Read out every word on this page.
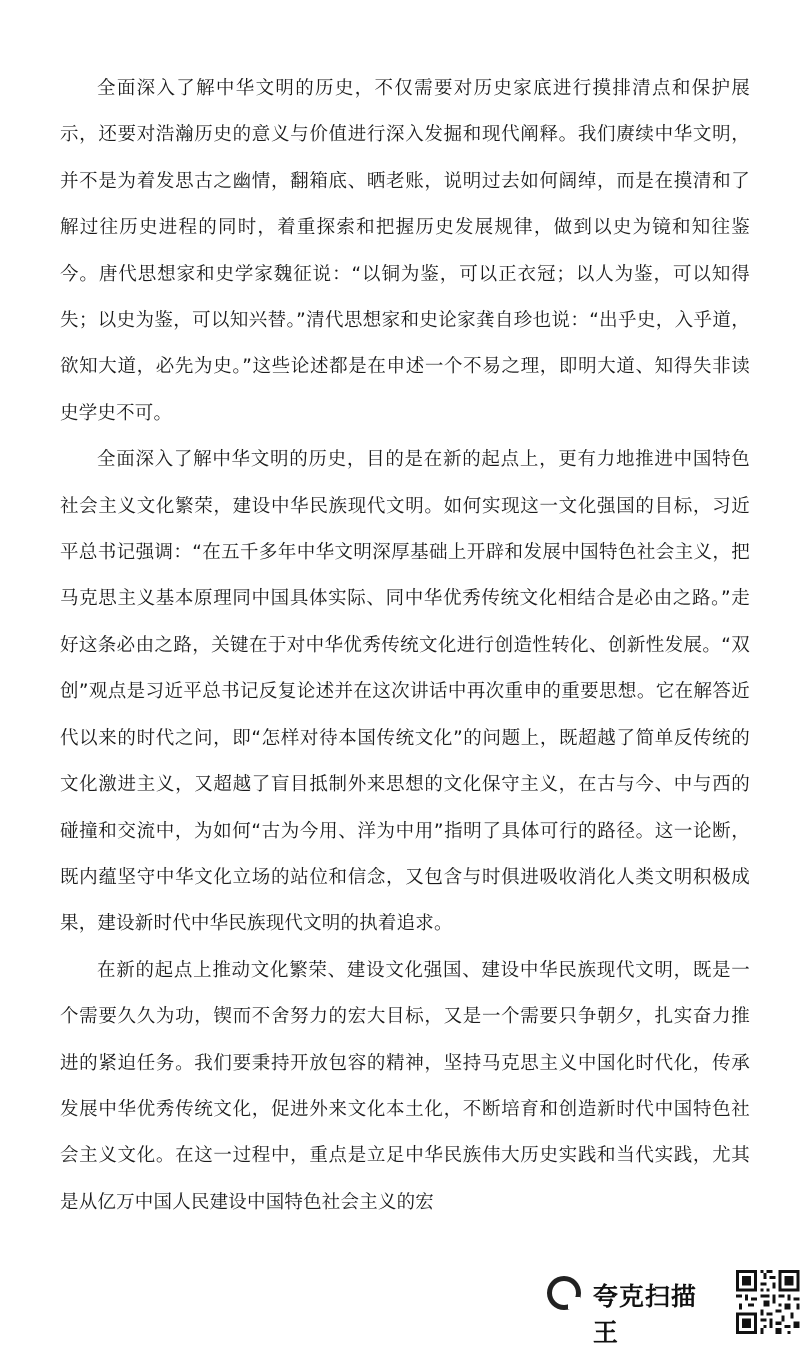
全面深入了解中华文明的历史，不仅需要对历史家底进行摸排清点和保护展示，还要对浩瀚历史的意义与价值进行深入发掘和现代阐释。我们赓续中华文明，并不是为着发思古之幽情，翻箱底、晒老账，说明过去如何阔绰，而是在摸清和了解过往历史进程的同时，着重探索和把握历史发展规律，做到以史为镜和知往鉴今。唐代思想家和史学家魏征说：“以铜为鉴，可以正衣冠；以人为鉴，可以知得失；以史为鉴，可以知兴替。”清代思想家和史论家龚自珍也说：“出乎史，入乎道，欲知大道，必先为史。”这些论述都是在申述一个不易之理，即明大道、知得失非读史学史不可。

全面深入了解中华文明的历史，目的是在新的起点上，更有力地推进中国特色社会主义文化繁荣，建设中华民族现代文明。如何实现这一文化强国的目标，习近平总书记强调：“在五千多年中华文明深厚基础上开辟和发展中国特色社会主义，把马克思主义基本原理同中国具体实际、同中华优秀传统文化相结合是必由之路。”走好这条必由之路，关键在于对中华优秀传统文化进行创造性转化、创新性发展。“双创”观点是习近平总书记反复论述并在这次讲话中再次重申的重要思想。它在解答近代以来的时代之问，即“怎样对待本国传统文化”的问题上，既超越了简单反传统的文化激进主义，又超越了盲目抵制外来思想的文化保守主义，在古与今、中与西的碰撞和交流中，为如何“古为今用、洋为中用”指明了具体可行的路径。这一论断，既内蕴坚守中华文化立场的站位和信念，又包含与时俱进吸收消化人类文明积极成果，建设新时代中华民族现代文明的执着追求。

在新的起点上推动文化繁荣、建设文化强国、建设中华民族现代文明，既是一个需要久久为功，锲而不舍努力的宏大目标，又是一个需要只争朝夕，扎实奋力推进的紧迫任务。我们要秉持开放包容的精神，坚持马克思主义中国化时代化，传承发展中华优秀传统文化，促进外来文化本土化，不断培育和创造新时代中国特色社会主义文化。在这一过程中，重点是立足中华民族伟大历史实践和当代实践，尤其是从亿万中国人民建设中国特色社会主义的宏

夸克扫描王
